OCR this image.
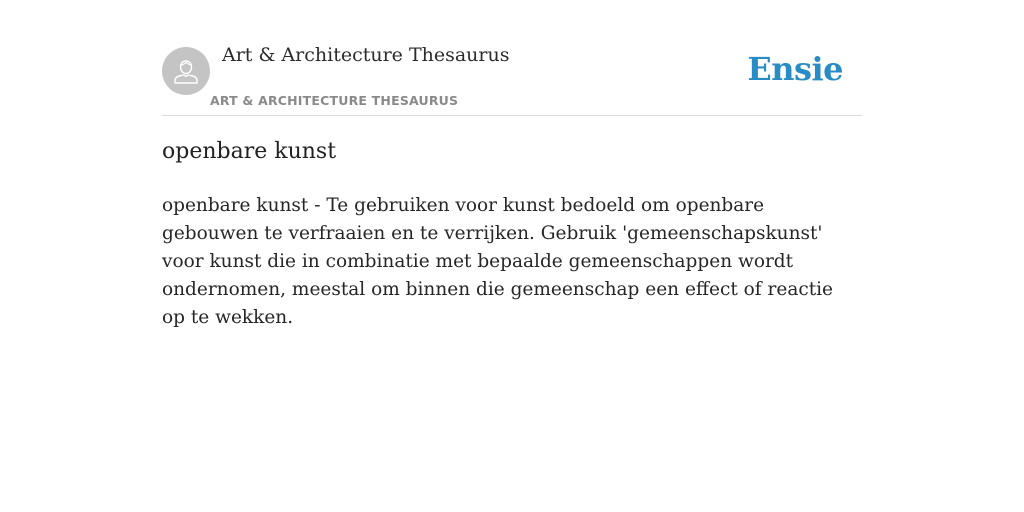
Art & Architecture Thesaurus
ART & ARCHITECTURE THESAURUS
Ensie
openbare kunst

openbare kunst - Te gebruiken voor kunst bedoeld om openbare gebouwen te verfraaien en te verrijken. Gebruik 'gemeenschapskunst' voor kunst die in combinatie met bepaalde gemeenschappen wordt ondernomen, meestal om binnen die gemeenschap een effect of reactie op te wekken.
